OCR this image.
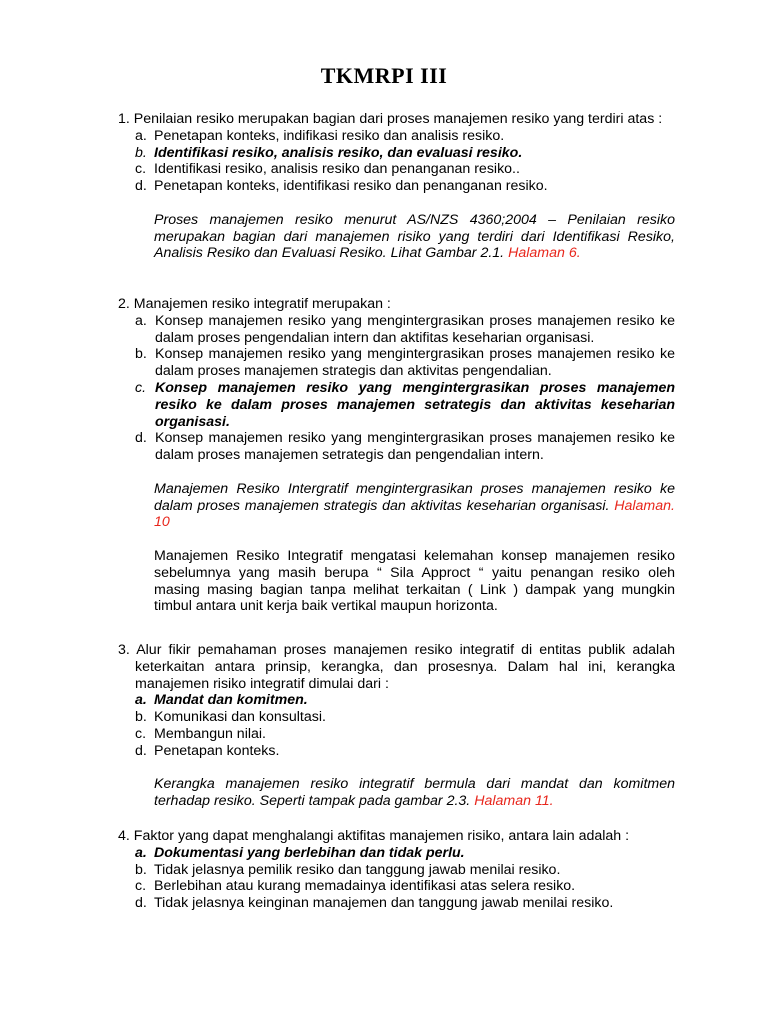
TKMRPI III
1. Penilaian resiko merupakan bagian dari proses manajemen resiko yang terdiri atas :
a. Penetapan konteks, indifikasi resiko dan analisis resiko.
b. Identifikasi resiko, analisis resiko, dan evaluasi resiko.
c. Identifikasi resiko, analisis resiko dan penanganan resiko..
d. Penetapan konteks, identifikasi resiko dan penanganan resiko.
Proses manajemen resiko menurut AS/NZS 4360;2004 – Penilaian resiko merupakan bagian dari manajemen risiko yang terdiri dari Identifikasi Resiko, Analisis Resiko dan Evaluasi Resiko. Lihat Gambar 2.1. Halaman 6.
2. Manajemen resiko integratif merupakan :
a. Konsep manajemen resiko yang mengintergrasikan proses manajemen resiko ke dalam proses pengendalian intern dan aktifitas keseharian organisasi.
b. Konsep manajemen resiko yang mengintergrasikan proses manajemen resiko ke dalam proses manajemen strategis dan aktivitas pengendalian.
c. Konsep manajemen resiko yang mengintergrasikan proses manajemen resiko ke dalam proses manajemen setrategis dan aktivitas keseharian organisasi.
d. Konsep manajemen resiko yang mengintergrasikan proses manajemen resiko ke dalam proses manajemen setrategis dan pengendalian intern.
Manajemen Resiko Intergratif mengintergrasikan proses manajemen resiko ke dalam proses manajemen strategis dan aktivitas keseharian organisasi. Halaman. 10
Manajemen Resiko Integratif mengatasi kelemahan konsep manajemen resiko sebelumnya yang masih berupa “ Sila Approct “ yaitu penangan resiko oleh masing masing bagian tanpa melihat terkaitan ( Link ) dampak yang mungkin timbul antara unit kerja baik vertikal maupun horizonta.
3. Alur fikir pemahaman proses manajemen resiko integratif di entitas publik adalah keterkaitan antara prinsip, kerangka, dan prosesnya. Dalam hal ini, kerangka manajemen risiko integratif dimulai dari :
a. Mandat dan komitmen.
b. Komunikasi dan konsultasi.
c. Membangun nilai.
d. Penetapan konteks.
Kerangka manajemen resiko integratif bermula dari mandat dan komitmen terhadap resiko. Seperti tampak pada gambar 2.3. Halaman 11.
4. Faktor yang dapat menghalangi aktifitas manajemen risiko, antara lain adalah :
a. Dokumentasi yang berlebihan dan tidak perlu.
b. Tidak jelasnya pemilik resiko dan tanggung jawab menilai resiko.
c. Berlebihan atau kurang memadainya identifikasi atas selera resiko.
d. Tidak jelasnya keinginan manajemen dan tanggung jawab menilai resiko.
